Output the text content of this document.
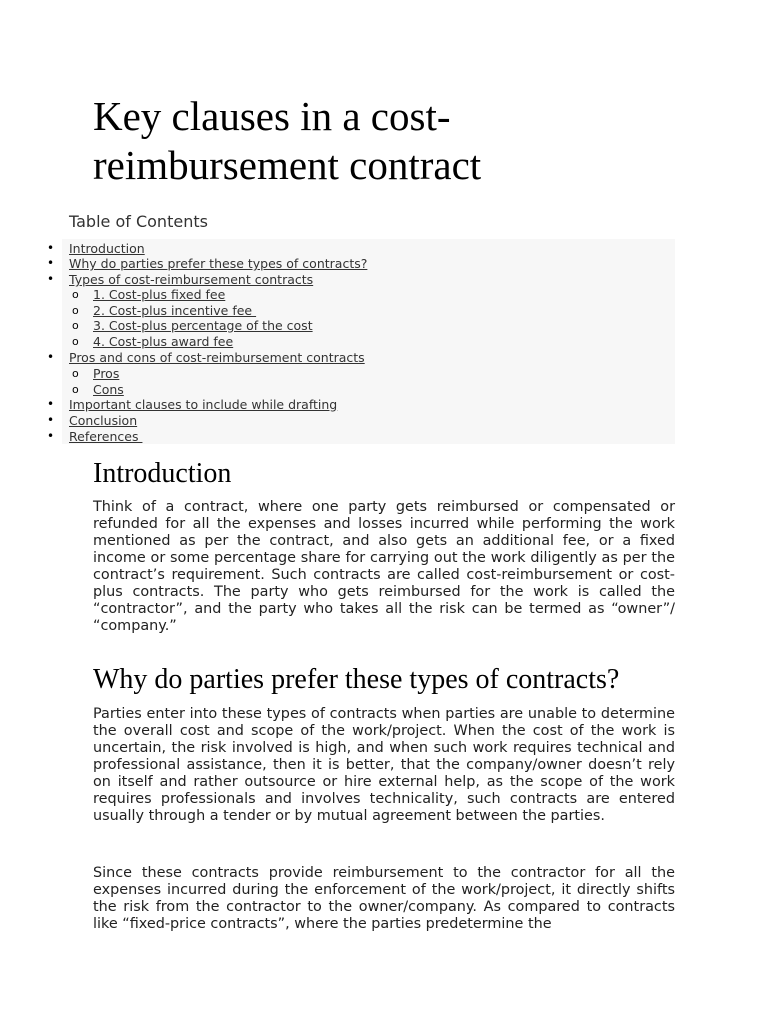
Key clauses in a cost-reimbursement contract
Table of Contents
•
•
•
o
o
o
o
•
o
o
•
•
•
Introduction
Why do parties prefer these types of contracts?
Types of cost-reimbursement contracts
1. Cost-plus fixed fee
2. Cost-plus incentive fee
3. Cost-plus percentage of the cost
4. Cost-plus award fee
Pros and cons of cost-reimbursement contracts
Pros
Cons
Important clauses to include while drafting
Conclusion
References
Introduction

Think of a contract, where one party gets reimbursed or compensated or refunded for all the expenses and losses incurred while performing the work mentioned as per the contract, and also gets an additional fee, or a fixed income or some percentage share for carrying out the work diligently as per the contract’s requirement. Such contracts are called cost-reimbursement or cost-plus contracts. The party who gets reimbursed for the work is called the “contractor”, and the party who takes all the risk can be termed as “owner”/ “company.”

Why do parties prefer these types of contracts?

Parties enter into these types of contracts when parties are unable to determine the overall cost and scope of the work/project. When the cost of the work is uncertain, the risk involved is high, and when such work requires technical and professional assistance, then it is better, that the company/owner doesn’t rely on itself and rather outsource or hire external help, as the scope of the work requires professionals and involves technicality, such contracts are entered usually through a tender or by mutual agreement between the parties.

Since these contracts provide reimbursement to the contractor for all the expenses incurred during the enforcement of the work/project, it directly shifts the risk from the contractor to the owner/company. As compared to contracts like “fixed-price contracts”, where the parties predetermine the
